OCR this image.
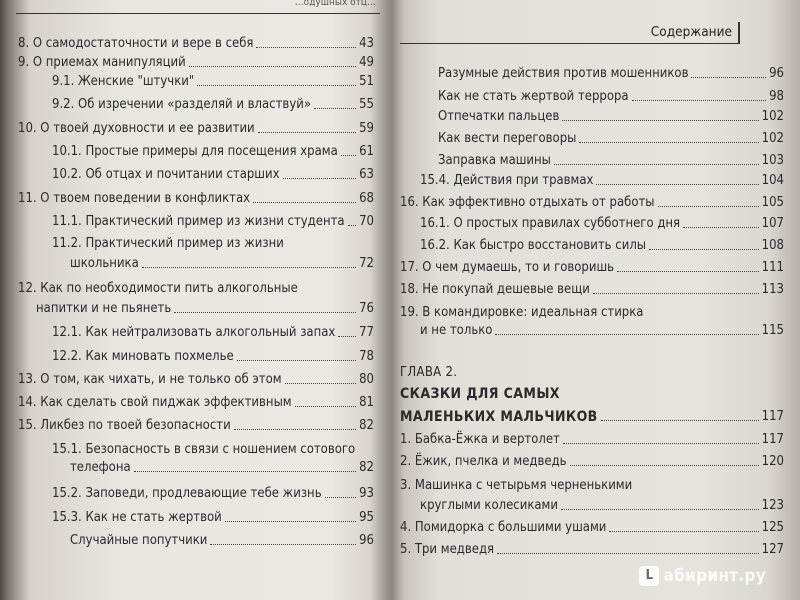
…одушных отц…
Содержание
8. О самодостаточности и вере в себя	43
9. О приемах манипуляций	49
9.1. Женские "штучки"	51
9.2. Об изречении «разделяй и властвуй»	55
10. О твоей духовности и ее развитии	59
10.1. Простые примеры для посещения храма 61
10.2. Об отцах и почитании старших	63
11. О твоем поведении в конфликтах	68
11.1. Практический пример из жизни студента 70
11.2. Практический пример из жизни
школьника	72
12. Как по необходимости пить алкогольные
напитки и не пьянеть	76
12.1. Как нейтрализовать алкогольный запах 77
12.2. Как миновать похмелье	78
13. О том, как чихать, и не только об этом	80
14. Как сделать свой пиджак эффективным	81
15. Ликбез по твоей безопасности	82
15.1. Безопасность в связи с ношением сотового
телефона	82
15.2. Заповеди, продлевающие тебе жизнь	93
15.3. Как не стать жертвой	95
Случайные попутчики	96
Разумные действия против мошенников	96
Как не стать жертвой террора	98
Отпечатки пальцев	102
Как вести переговоры	102
Заправка машины	103
15.4. Действия при травмах	104
16. Как эффективно отдыхать от работы	105
16.1. О простых правилах субботнего дня	107
16.2. Как быстро восстановить силы	108
17. О чем думаешь, то и говоришь	111
18. Не покупай дешевые вещи	113
19. В командировке: идеальная стирка
и не только	115
ГЛАВА 2.
СКАЗКИ ДЛЯ САМЫХ
МАЛЕНЬКИХ МАЛЬЧИКОВ	117
1. Бабка-Ёжка и вертолет	117
2. Ёжик, пчелка и медведь	120
3. Машинка с четырьмя черненькими
круглыми колесиками	123
4. Помидорка с большими ушами	125
5. Три медведя	127
L абиринт.ру
